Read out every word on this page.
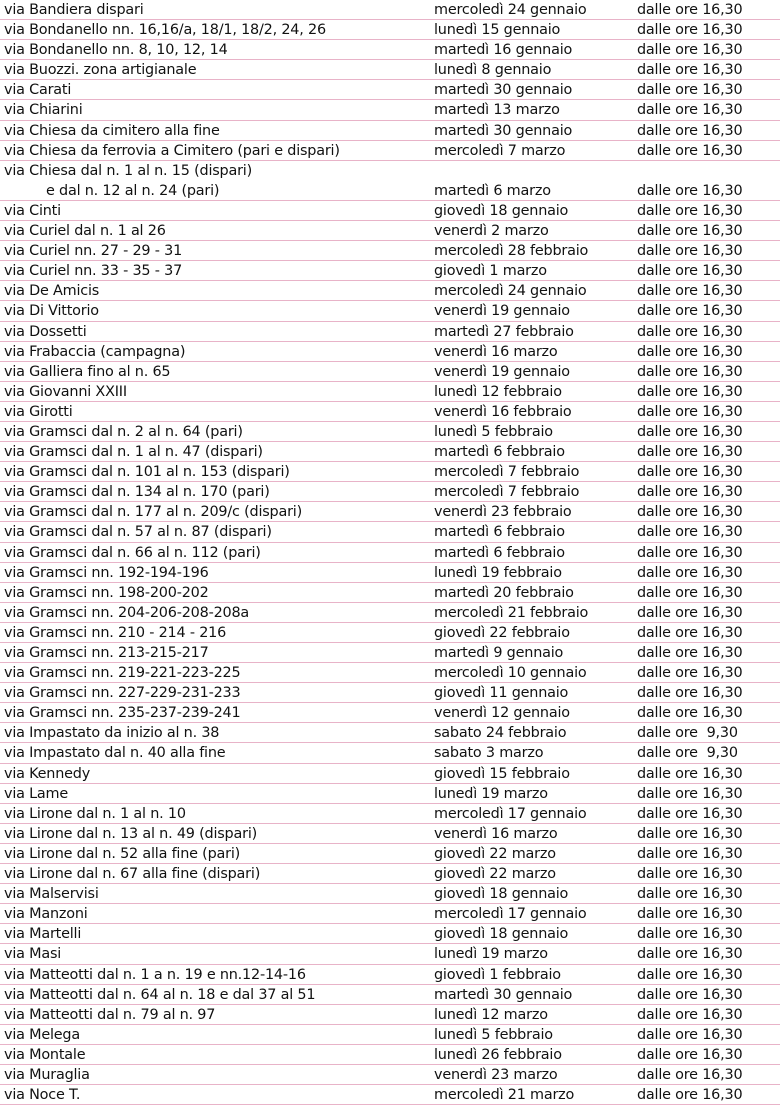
via Bandiera dispari	mercoledì 24 gennaio	dalle ore 16,30
via Bondanello nn. 16,16/a, 18/1, 18/2, 24, 26	lunedì 15 gennaio	dalle ore 16,30
via Bondanello nn. 8, 10, 12, 14	martedì 16 gennaio	dalle ore 16,30
via Buozzi. zona artigianale	lunedì 8 gennaio	dalle ore 16,30
via Carati	martedì 30 gennaio	dalle ore 16,30
via Chiarini	martedì 13 marzo	dalle ore 16,30
via Chiesa da cimitero alla fine	martedì 30 gennaio	dalle ore 16,30
via Chiesa da ferrovia a Cimitero (pari e dispari)	mercoledì 7 marzo	dalle ore 16,30
via Chiesa dal n. 1 al n. 15 (dispari)
e dal n. 12 al n. 24 (pari)	martedì 6 marzo	dalle ore 16,30
via Cinti	giovedì 18 gennaio	dalle ore 16,30
via Curiel dal n. 1 al 26	venerdì 2 marzo	dalle ore 16,30
via Curiel nn. 27 - 29 - 31	mercoledì 28 febbraio	dalle ore 16,30
via Curiel nn. 33 - 35 - 37	giovedì 1 marzo	dalle ore 16,30
via De Amicis	mercoledì 24 gennaio	dalle ore 16,30
via Di Vittorio	venerdì 19 gennaio	dalle ore 16,30
via Dossetti	martedì 27 febbraio	dalle ore 16,30
via Frabaccia (campagna)	venerdì 16 marzo	dalle ore 16,30
via Galliera fino al n. 65	venerdì 19 gennaio	dalle ore 16,30
via Giovanni XXIII	lunedì 12 febbraio	dalle ore 16,30
via Girotti	venerdì 16 febbraio	dalle ore 16,30
via Gramsci dal n. 2 al n. 64 (pari)	lunedì 5 febbraio	dalle ore 16,30
via Gramsci dal n. 1 al n. 47 (dispari)	martedì 6 febbraio	dalle ore 16,30
via Gramsci dal n. 101 al n. 153 (dispari)	mercoledì 7 febbraio	dalle ore 16,30
via Gramsci dal n. 134 al n. 170 (pari)	mercoledì 7 febbraio	dalle ore 16,30
via Gramsci dal n. 177 al n. 209/c (dispari)	venerdì 23 febbraio	dalle ore 16,30
via Gramsci dal n. 57 al n. 87 (dispari)	martedì 6 febbraio	dalle ore 16,30
via Gramsci dal n. 66 al n. 112 (pari)	martedì 6 febbraio	dalle ore 16,30
via Gramsci nn. 192-194-196	lunedì 19 febbraio	dalle ore 16,30
via Gramsci nn. 198-200-202	martedì 20 febbraio	dalle ore 16,30
via Gramsci nn. 204-206-208-208a	mercoledì 21 febbraio	dalle ore 16,30
via Gramsci nn. 210 - 214 - 216	giovedì 22 febbraio	dalle ore 16,30
via Gramsci nn. 213-215-217	martedì 9 gennaio	dalle ore 16,30
via Gramsci nn. 219-221-223-225	mercoledì 10 gennaio	dalle ore 16,30
via Gramsci nn. 227-229-231-233	giovedì 11 gennaio	dalle ore 16,30
via Gramsci nn. 235-237-239-241	venerdì 12 gennaio	dalle ore 16,30
via Impastato da inizio al n. 38	sabato 24 febbraio	dalle ore  9,30
via Impastato dal n. 40 alla fine	sabato 3 marzo	dalle ore  9,30
via Kennedy	giovedì 15 febbraio	dalle ore 16,30
via Lame	lunedì 19 marzo	dalle ore 16,30
via Lirone dal n. 1 al n. 10	mercoledì 17 gennaio	dalle ore 16,30
via Lirone dal n. 13 al n. 49 (dispari)	venerdì 16 marzo	dalle ore 16,30
via Lirone dal n. 52 alla fine (pari)	giovedì 22 marzo	dalle ore 16,30
via Lirone dal n. 67 alla fine (dispari)	giovedì 22 marzo	dalle ore 16,30
via Malservisi	giovedì 18 gennaio	dalle ore 16,30
via Manzoni	mercoledì 17 gennaio	dalle ore 16,30
via Martelli	giovedì 18 gennaio	dalle ore 16,30
via Masi	lunedì 19 marzo	dalle ore 16,30
via Matteotti dal n. 1 a n. 19 e nn.12-14-16	giovedì 1 febbraio	dalle ore 16,30
via Matteotti dal n. 64 al n. 18 e dal 37 al 51	martedì 30 gennaio	dalle ore 16,30
via Matteotti dal n. 79 al n. 97	lunedì 12 marzo	dalle ore 16,30
via Melega	lunedì 5 febbraio	dalle ore 16,30
via Montale	lunedì 26 febbraio	dalle ore 16,30
via Muraglia	venerdì 23 marzo	dalle ore 16,30
via Noce T.	mercoledì 21 marzo	dalle ore 16,30
